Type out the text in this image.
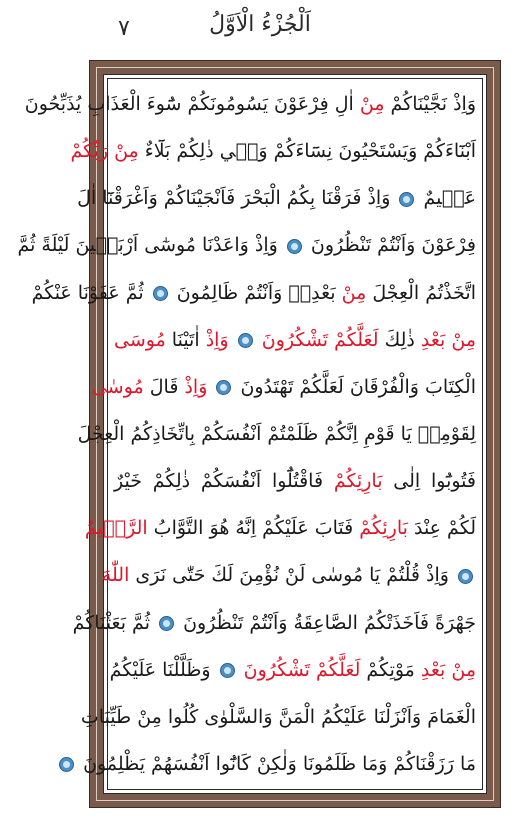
اَلْجُزْءُ الْاَوَّلُ
٧
وَاِذْ نَجَّيْنَاكُمْ مِنْ اٰلِ فِرْعَوْنَ يَسُومُونَكُمْ سُٓوءَ الْعَذَابِ يُذَبِّحُونَ
اَبْنَٓاءَكُمْ وَيَسْتَحْيُونَ نِسَٓاءَكُمْ وَف۪ي ذٰلِكُمْ بَلَٓاءٌ مِنْ رَبِّكُمْ
عَظ۪يمٌ  وَاِذْ فَرَقْنَا بِكُمُ الْبَحْرَ فَاَنْجَيْنَاكُمْ وَاَغْرَقْنَٓا اٰلَ
فِرْعَوْنَ وَاَنْتُمْ تَنْظُرُونَ  وَاِذْ وَاعَدْنَا مُوسٰٓى اَرْبَع۪ينَ لَيْلَةً ثُمَّ
اتَّخَذْتُمُ الْعِجْلَ مِنْ بَعْدِه۪ وَاَنْتُمْ ظَالِمُونَ  ثُمَّ عَفَوْنَا عَنْكُمْ
مِنْ بَعْدِ ذٰلِكَ لَعَلَّكُمْ تَشْكُرُونَ  وَاِذْ اٰتَيْنَا مُوسَى
الْكِتَابَ وَالْفُرْقَانَ لَعَلَّكُمْ تَهْتَدُونَ  وَاِذْ قَالَ مُوسٰى
لِقَوْمِه۪ يَا قَوْمِ اِنَّكُمْ ظَلَمْتُمْ اَنْفُسَكُمْ بِاتِّخَاذِكُمُ الْعِجْلَ
فَتُوبُٓوا اِلٰى بَارِئِكُمْ فَاقْتُلُٓوا اَنْفُسَكُمْ ذٰلِكُمْ خَيْرٌ
لَكُمْ عِنْدَ بَارِئِكُمْ فَتَابَ عَلَيْكُمْ اِنَّهُ هُوَ التَّوَّابُ الرَّح۪يمُ
وَاِذْ قُلْتُمْ يَا مُوسٰى لَنْ نُؤْمِنَ لَكَ حَتّٰى نَرَى اللّٰهَ
جَهْرَةً فَاَخَذَتْكُمُ الصَّاعِقَةُ وَاَنْتُمْ تَنْظُرُونَ  ثُمَّ بَعَثْنَاكُمْ
مِنْ بَعْدِ مَوْتِكُمْ لَعَلَّكُمْ تَشْكُرُونَ  وَظَلَّلْنَا عَلَيْكُمُ
الْغَمَامَ وَاَنْزَلْنَا عَلَيْكُمُ الْمَنَّ وَالسَّلْوٰى كُلُوا مِنْ طَيِّبَاتِ
مَا رَزَقْنَاكُمْ وَمَا ظَلَمُونَا وَلٰكِنْ كَانُٓوا اَنْفُسَهُمْ يَظْلِمُونَ
